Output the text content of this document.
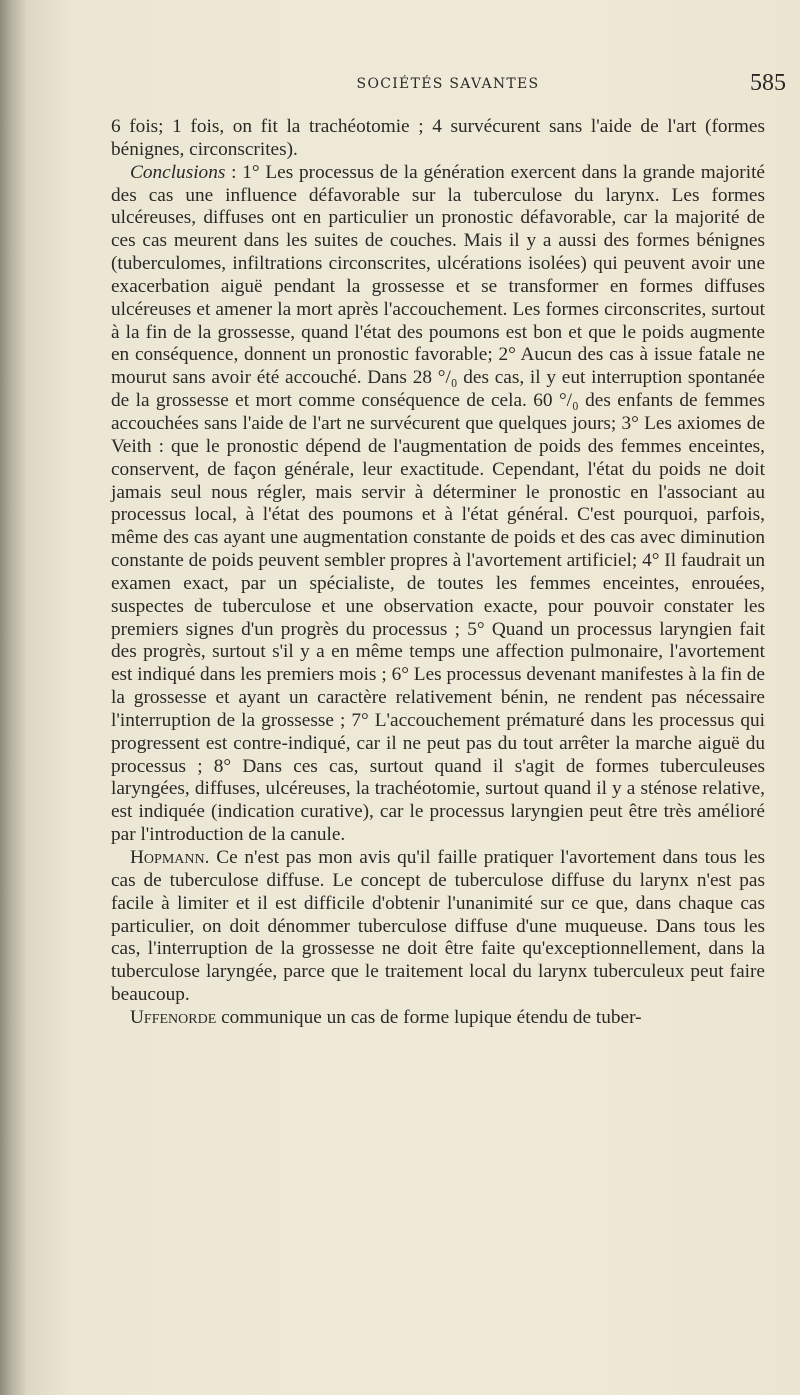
SOCIÉTÉS SAVANTES	585

6 fois; 1 fois, on fit la trachéotomie ; 4 survécurent sans l'aide de l'art (formes bénignes, circonscrites).

Conclusions : 1° Les processus de la génération exercent dans la grande majorité des cas une influence défavorable sur la tuberculose du larynx. Les formes ulcéreuses, diffuses ont en particulier un pronostic défavorable, car la majorité de ces cas meurent dans les suites de couches. Mais il y a aussi des formes bénignes (tuberculomes, infiltrations circonscrites, ulcérations isolées) qui peuvent avoir une exacerbation aiguë pendant la grossesse et se transformer en formes diffuses ulcéreuses et amener la mort après l'accouchement. Les formes circonscrites, surtout à la fin de la grossesse, quand l'état des poumons est bon et que le poids augmente en conséquence, donnent un pronostic favorable; 2° Aucun des cas à issue fatale ne mourut sans avoir été accouché. Dans 28 °/₀ des cas, il y eut interruption spontanée de la grossesse et mort comme conséquence de cela. 60 °/₀ des enfants de femmes accouchées sans l'aide de l'art ne survécurent que quelques jours; 3° Les axiomes de Veith : que le pronostic dépend de l'augmentation de poids des femmes enceintes, conservent, de façon générale, leur exactitude. Cependant, l'état du poids ne doit jamais seul nous régler, mais servir à déterminer le pronostic en l'associant au processus local, à l'état des poumons et à l'état général. C'est pourquoi, parfois, même des cas ayant une augmentation constante de poids et des cas avec diminution constante de poids peuvent sembler propres à l'avortement artificiel; 4° Il faudrait un examen exact, par un spécialiste, de toutes les femmes enceintes, enrouées, suspectes de tuberculose et une observation exacte, pour pouvoir constater les premiers signes d'un progrès du processus ; 5° Quand un processus laryngien fait des progrès, surtout s'il y a en même temps une affection pulmonaire, l'avortement est indiqué dans les premiers mois ; 6° Les processus devenant manifestes à la fin de la grossesse et ayant un caractère relativement bénin, ne rendent pas nécessaire l'interruption de la grossesse ; 7° L'accouchement prématuré dans les processus qui progressent est contre-indiqué, car il ne peut pas du tout arrêter la marche aiguë du processus ; 8° Dans ces cas, surtout quand il s'agit de formes tuberculeuses laryngées, diffuses, ulcéreuses, la trachéotomie, surtout quand il y a sténose relative, est indiquée (indication curative), car le processus laryngien peut être très amélioré par l'introduction de la canule.

Hopmann. Ce n'est pas mon avis qu'il faille pratiquer l'avortement dans tous les cas de tuberculose diffuse. Le concept de tuberculose diffuse du larynx n'est pas facile à limiter et il est difficile d'obtenir l'unanimité sur ce que, dans chaque cas particulier, on doit dénommer tuberculose diffuse d'une muqueuse. Dans tous les cas, l'interruption de la grossesse ne doit être faite qu'exceptionnellement, dans la tuberculose laryngée, parce que le traitement local du larynx tuberculeux peut faire beaucoup.

Uffenorde communique un cas de forme lupique étendu de tuber-
